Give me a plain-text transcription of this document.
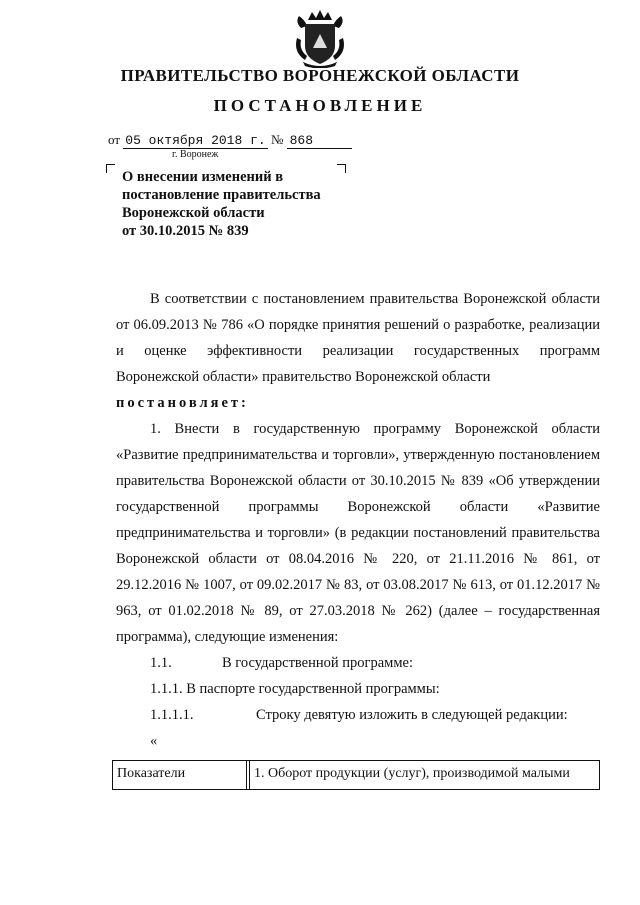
ПРАВИТЕЛЬСТВО ВОРОНЕЖСКОЙ ОБЛАСТИ
ПОСТАНОВЛЕНИЕ
от 05 октября 2018 г. № 868
г. Воронеж
О внесении изменений в
постановление правительства
Воронежской области
от 30.10.2015 № 839

В соответствии с постановлением правительства Воронежской области от 06.09.2013 № 786 «О порядке принятия решений о разработке, реализации и оценке эффективности реализации государственных программ Воронежской области» правительство Воронежской области

постановляет:

1. Внести в государственную программу Воронежской области «Развитие предпринимательства и торговли», утвержденную постановлением правительства Воронежской области от 30.10.2015 № 839 «Об утверждении государственной программы Воронежской области «Развитие предпринимательства и торговли» (в редакции постановлений правительства Воронежской области от 08.04.2016 № 220, от 21.11.2016 № 861, от 29.12.2016 № 1007, от 09.02.2017 № 83, от 03.08.2017 № 613, от 01.12.2017 № 963, от 01.02.2018 № 89, от 27.03.2018 № 262) (далее – государственная программа), следующие изменения:

1.1.	В государственной программе:

1.1.1. В паспорте государственной программы:

1.1.1.1.	Строку девятую изложить в следующей редакции:

«

Показатели	1. Оборот продукции (услуг), производимой малыми
